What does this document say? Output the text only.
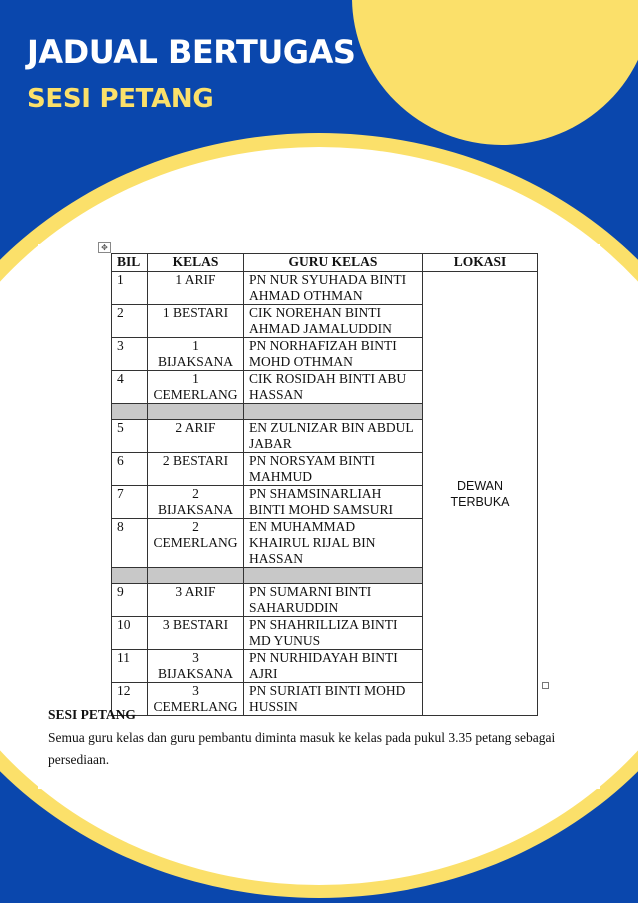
JADUAL BERTUGAS
SESI PETANG
✥
BIL	KELAS	GURU KELAS	LOKASI
1	1 ARIF	PN NUR SYUHADA BINTI AHMAD OTHMAN	DEWAN TERBUKA
2	1 BESTARI	CIK NOREHAN BINTI AHMAD JAMALUDDIN	
3	1 BIJAKSANA	PN NORHAFIZAH BINTI MOHD OTHMAN	
4	1 CEMERLANG	CIK ROSIDAH BINTI ABU HASSAN	

5	2 ARIF	EN ZULNIZAR BIN ABDUL JABAR	
6	2 BESTARI	PN NORSYAM BINTI MAHMUD	
7	2 BIJAKSANA	PN SHAMSINARLIAH BINTI MOHD SAMSURI	
8	2 CEMERLANG	EN MUHAMMAD KHAIRUL RIJAL BIN HASSAN	

9	3 ARIF	PN SUMARNI BINTI SAHARUDDIN	
10	3 BESTARI	PN SHAHRILLIZA BINTI MD YUNUS	
11	3 BIJAKSANA	PN NURHIDAYAH BINTI AJRI	
12	3 CEMERLANG	PN SURIATI BINTI MOHD HUSSIN	
SESI PETANG
Semua guru kelas dan guru pembantu diminta masuk ke kelas pada pukul 3.35 petang sebagai persediaan.
